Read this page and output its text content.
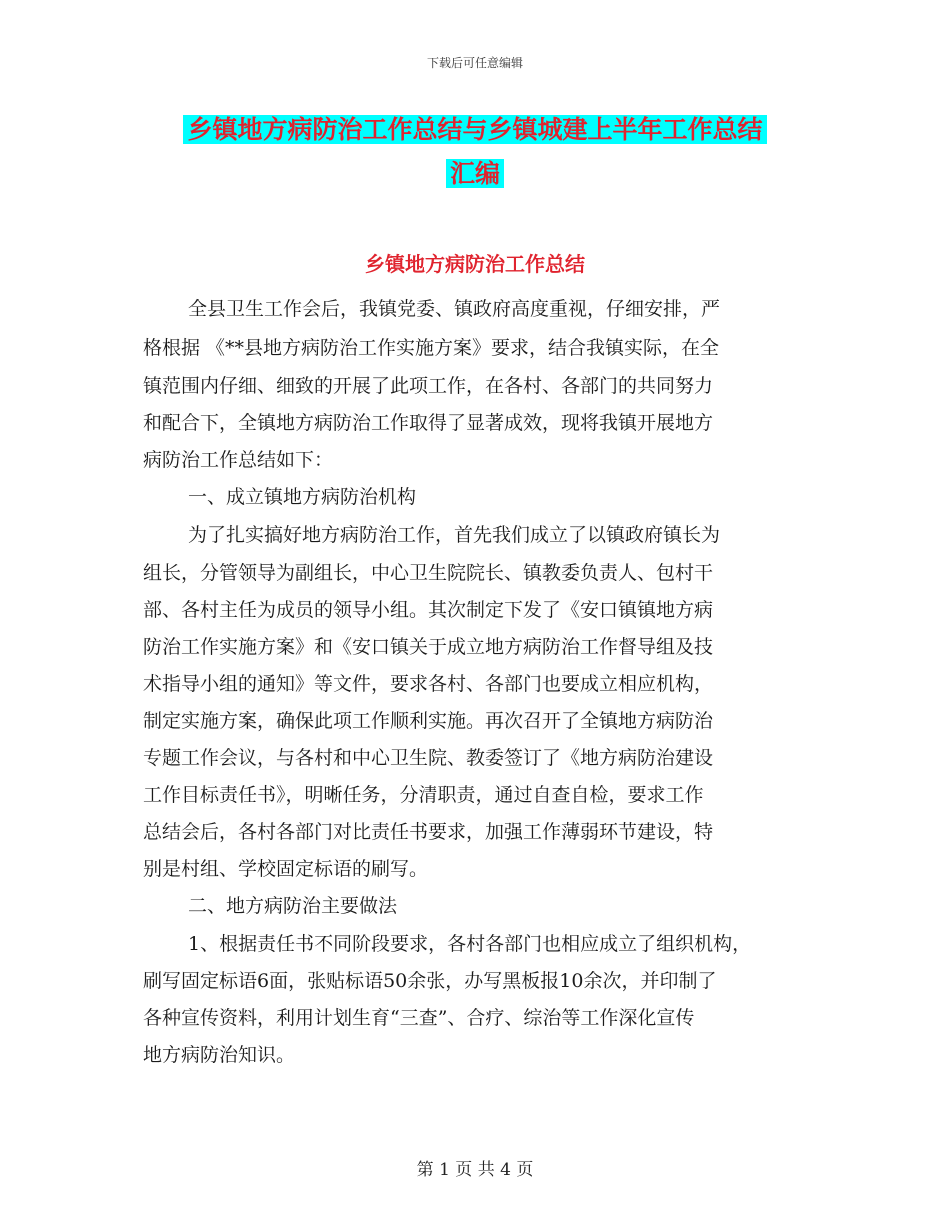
下载后可任意编辑
乡镇地方病防治工作总结与乡镇城建上半年工作总结
汇编
乡镇地方病防治工作总结
全县卫生工作会后，我镇党委、镇政府高度重视，仔细安排，严
格根据 《**县地方病防治工作实施方案》要求，结合我镇实际，在全
镇范围内仔细、细致的开展了此项工作，在各村、各部门的共同努力
和配合下，全镇地方病防治工作取得了显著成效，现将我镇开展地方
病防治工作总结如下：
一、成立镇地方病防治机构
为了扎实搞好地方病防治工作，首先我们成立了以镇政府镇长为
组长，分管领导为副组长，中心卫生院院长、镇教委负责人、包村干
部、各村主任为成员的领导小组。其次制定下发了《安口镇镇地方病
防治工作实施方案》和《安口镇关于成立地方病防治工作督导组及技
术指导小组的通知》等文件，要求各村、各部门也要成立相应机构，
制定实施方案，确保此项工作顺利实施。再次召开了全镇地方病防治
专题工作会议，与各村和中心卫生院、教委签订了《地方病防治建设
工作目标责任书》，明晰任务，分清职责，通过自查自检，要求工作
总结会后，各村各部门对比责任书要求，加强工作薄弱环节建设，特
别是村组、学校固定标语的刷写。
二、地方病防治主要做法
1、根据责任书不同阶段要求，各村各部门也相应成立了组织机构，
刷写固定标语6面，张贴标语50余张，办写黑板报10余次，并印制了
各种宣传资料，利用计划生育“三查”、合疗、综治等工作深化宣传
地方病防治知识。
第 1 页 共 4 页
